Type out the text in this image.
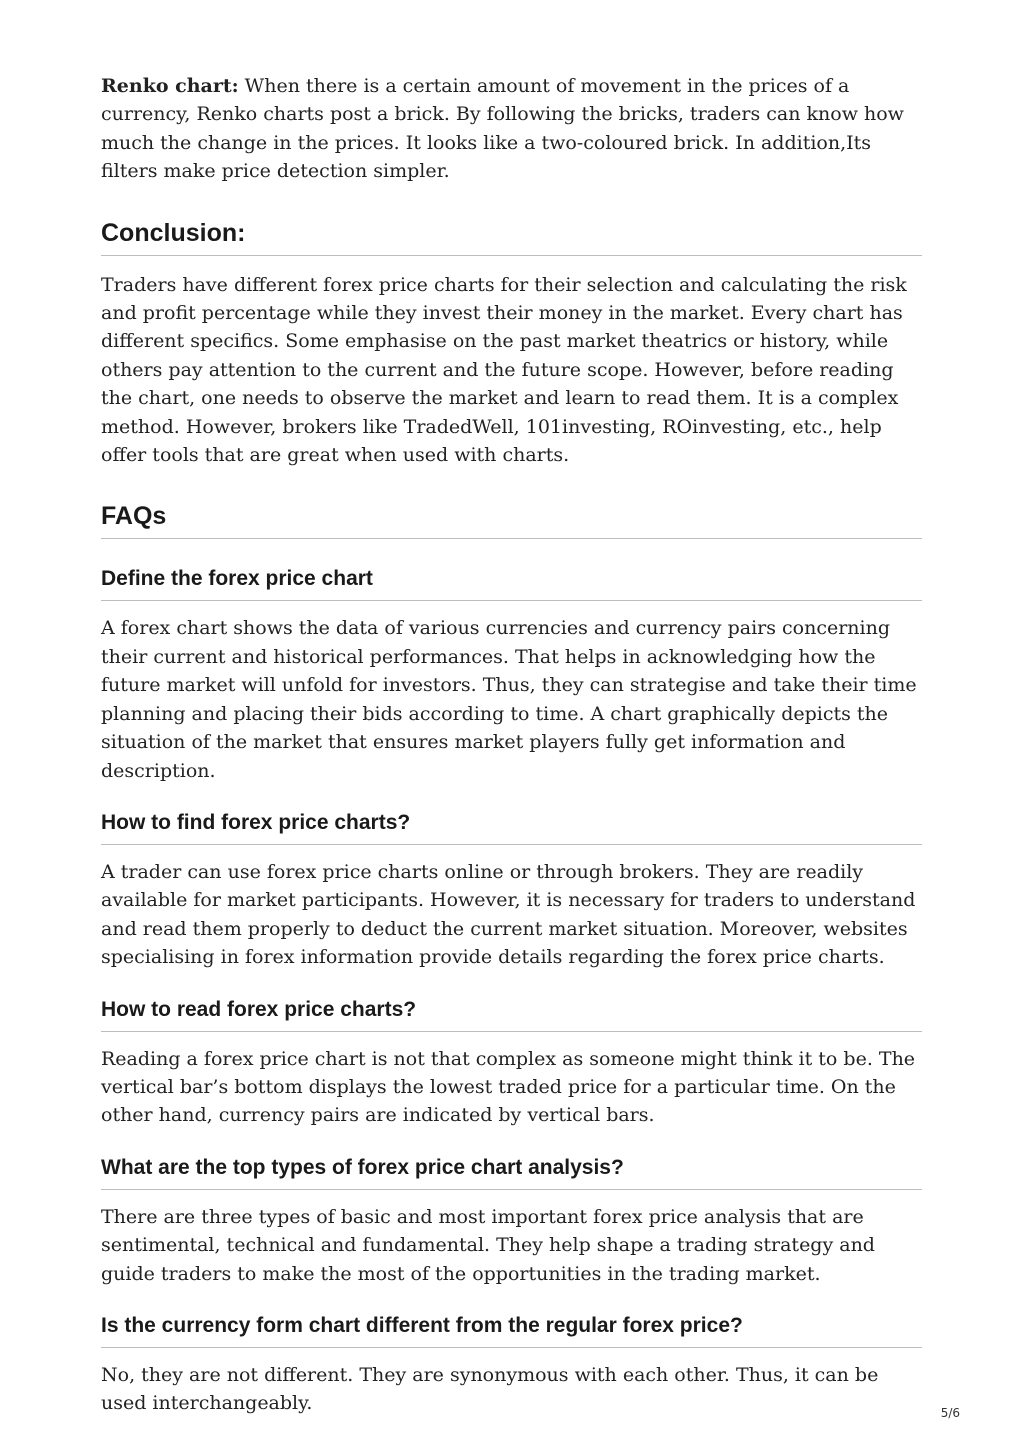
Renko chart: When there is a certain amount of movement in the prices of a currency, Renko charts post a brick. By following the bricks, traders can know how much the change in the prices. It looks like a two-coloured brick. In addition,Its filters make price detection simpler.

Conclusion:

Traders have different forex price charts for their selection and calculating the risk and profit percentage while they invest their money in the market. Every chart has different specifics. Some emphasise on the past market theatrics or history, while others pay attention to the current and the future scope. However, before reading the chart, one needs to observe the market and learn to read them. It is a complex method. However, brokers like TradedWell, 101investing, ROinvesting, etc., help offer tools that are great when used with charts.

FAQs
Define the forex price chart

A forex chart shows the data of various currencies and currency pairs concerning their current and historical performances. That helps in acknowledging how the future market will unfold for investors. Thus, they can strategise and take their time planning and placing their bids according to time. A chart graphically depicts the situation of the market that ensures market players fully get information and description.

How to find forex price charts?

A trader can use forex price charts online or through brokers. They are readily available for market participants. However, it is necessary for traders to understand and read them properly to deduct the current market situation. Moreover, websites specialising in forex information provide details regarding the forex price charts.

How to read forex price charts?

Reading a forex price chart is not that complex as someone might think it to be. The vertical bar’s bottom displays the lowest traded price for a particular time. On the other hand, currency pairs are indicated by vertical bars.

What are the top types of forex price chart analysis?

There are three types of basic and most important forex price analysis that are sentimental, technical and fundamental. They help shape a trading strategy and guide traders to make the most of the opportunities in the trading market.

Is the currency form chart different from the regular forex price?

No, they are not different. They are synonymous with each other. Thus, it can be used interchangeably.	5/6
